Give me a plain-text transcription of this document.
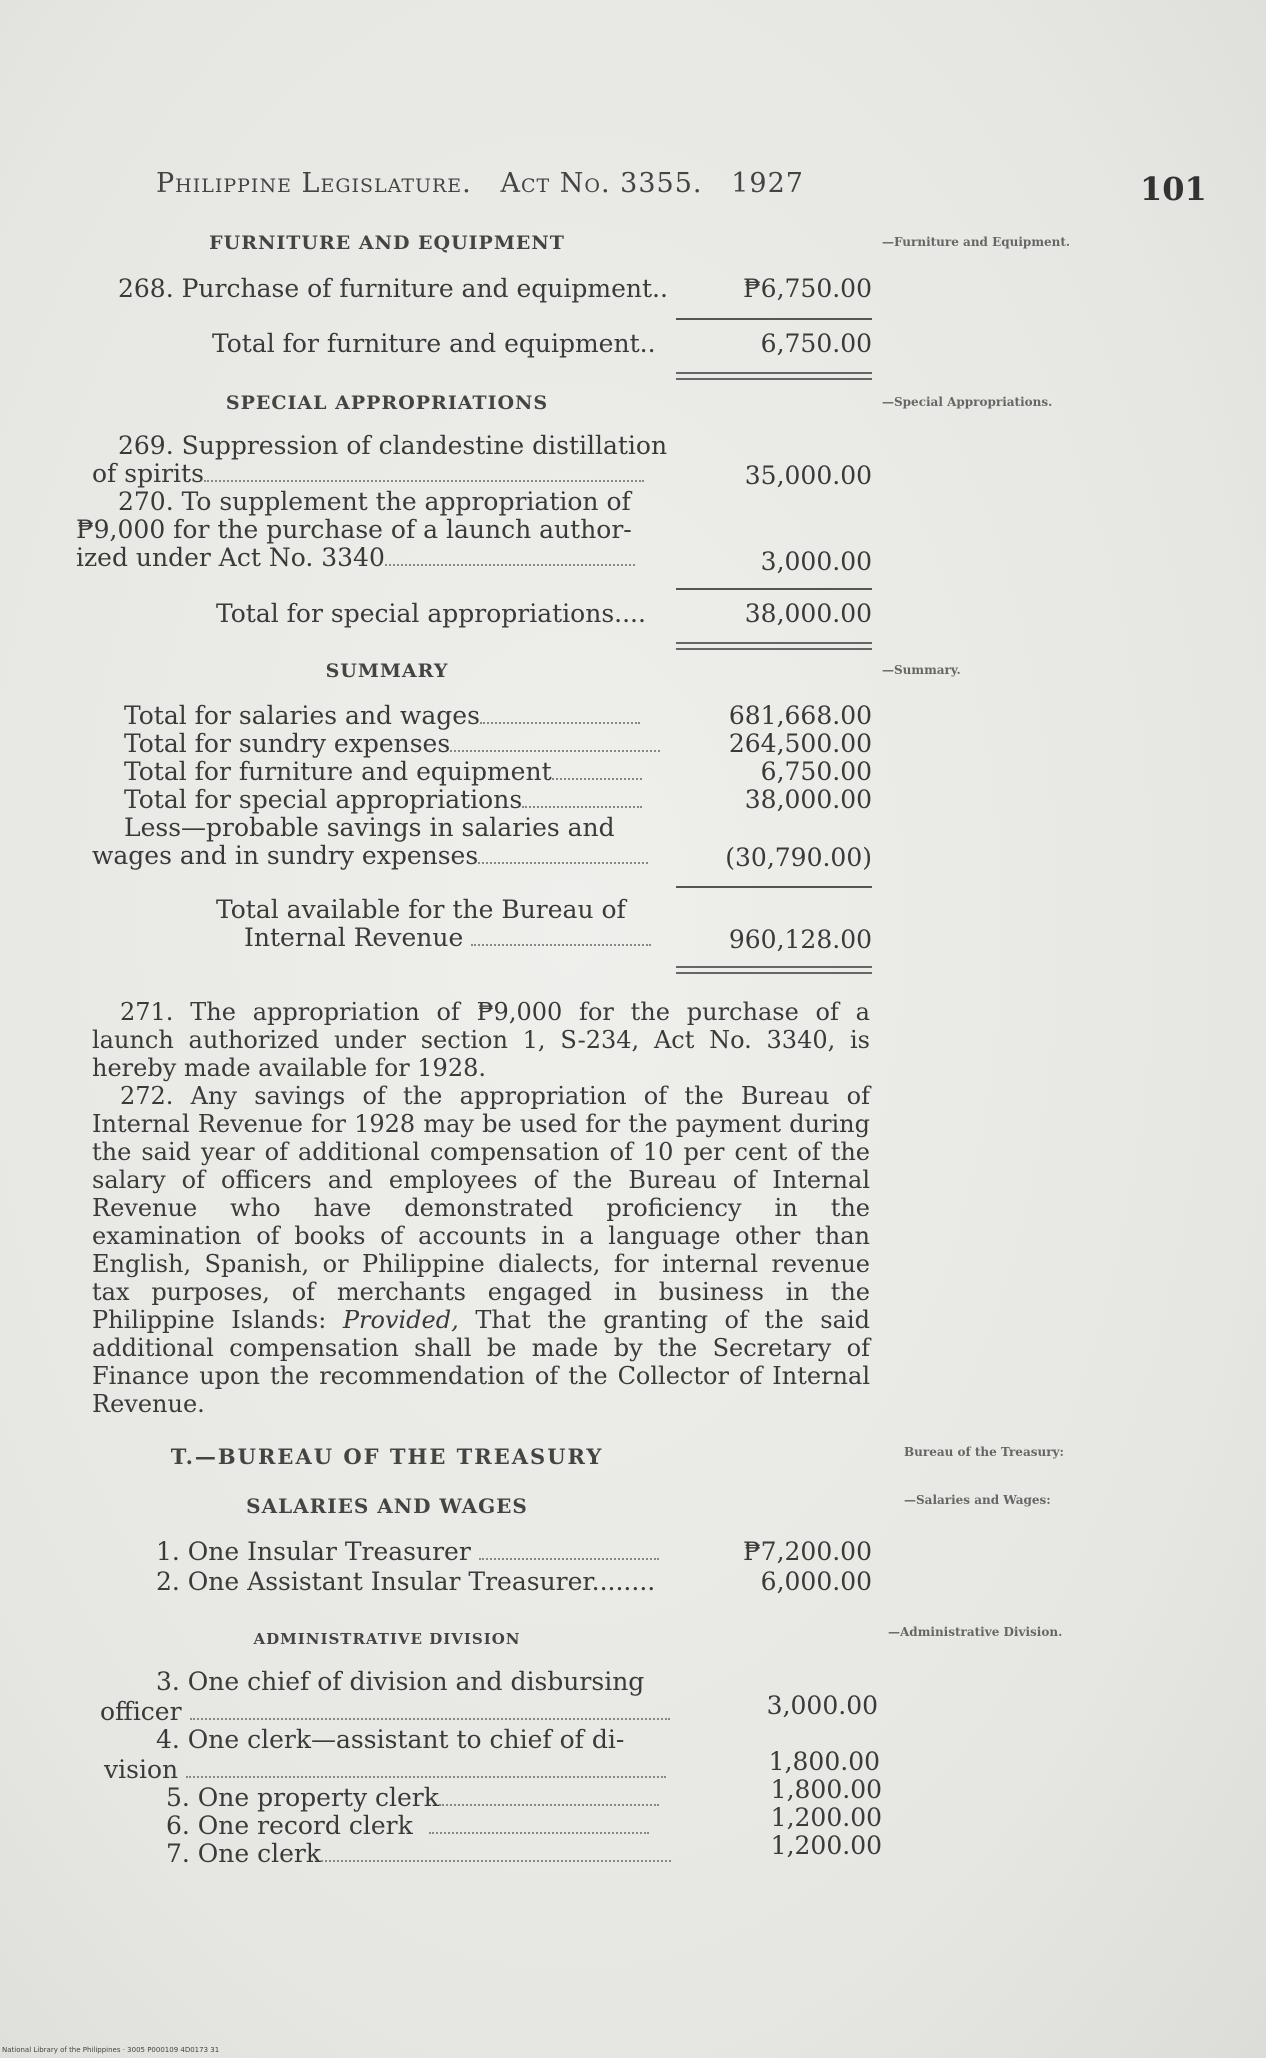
Philippine Legislature. Act No. 3355. 1927	101
FURNITURE AND EQUIPMENT	—Furniture and Equipment.
268. Purchase of furniture and equipment..	₱6,750.00
Total for furniture and equipment..	6,750.00
SPECIAL APPROPRIATIONS	—Special Appropriations.
269. Suppression of clandestine distillation
of spirits	35,000.00
270. To supplement the appropriation of
₱9,000 for the purchase of a launch author-
ized under Act No. 3340	3,000.00
Total for special appropriations....	38,000.00
SUMMARY	—Summary.
Total for salaries and wages	681,668.00
Total for sundry expenses	264,500.00
Total for furniture and equipment	6,750.00
Total for special appropriations	38,000.00
Less—probable savings in salaries and
wages and in sundry expenses	(30,790.00)
Total available for the Bureau of
Internal Revenue	960,128.00

271. The appropriation of ₱9,000 for the purchase of a launch authorized under section 1, S-234, Act No. 3340, is hereby made available for 1928.

272. Any savings of the appropriation of the Bureau of Internal Revenue for 1928 may be used for the payment during the said year of additional compensation of 10 per cent of the salary of officers and employees of the Bureau of Internal Revenue who have demonstrated proficiency in the examination of books of accounts in a language other than English, Spanish, or Philippine dialects, for internal revenue tax purposes, of merchants engaged in business in the Philippine Islands: Provided, That the granting of the said additional compensation shall be made by the Secretary of Finance upon the recommendation of the Collector of Internal Revenue.

T.—BUREAU OF THE TREASURY	Bureau of the Treasury:
SALARIES AND WAGES	—Salaries and Wages:
1. One Insular Treasurer	₱7,200.00
2. One Assistant Insular Treasurer........	6,000.00
ADMINISTRATIVE DIVISION	—Administrative Division.
3. One chief of division and disbursing
officer	3,000.00
4. One clerk—assistant to chief of di-
vision	1,800.00
5. One property clerk	1,800.00
6. One record clerk	1,200.00
7. One clerk	1,200.00
National Library of the Philippines · 3005 P000109 4D0173 31
